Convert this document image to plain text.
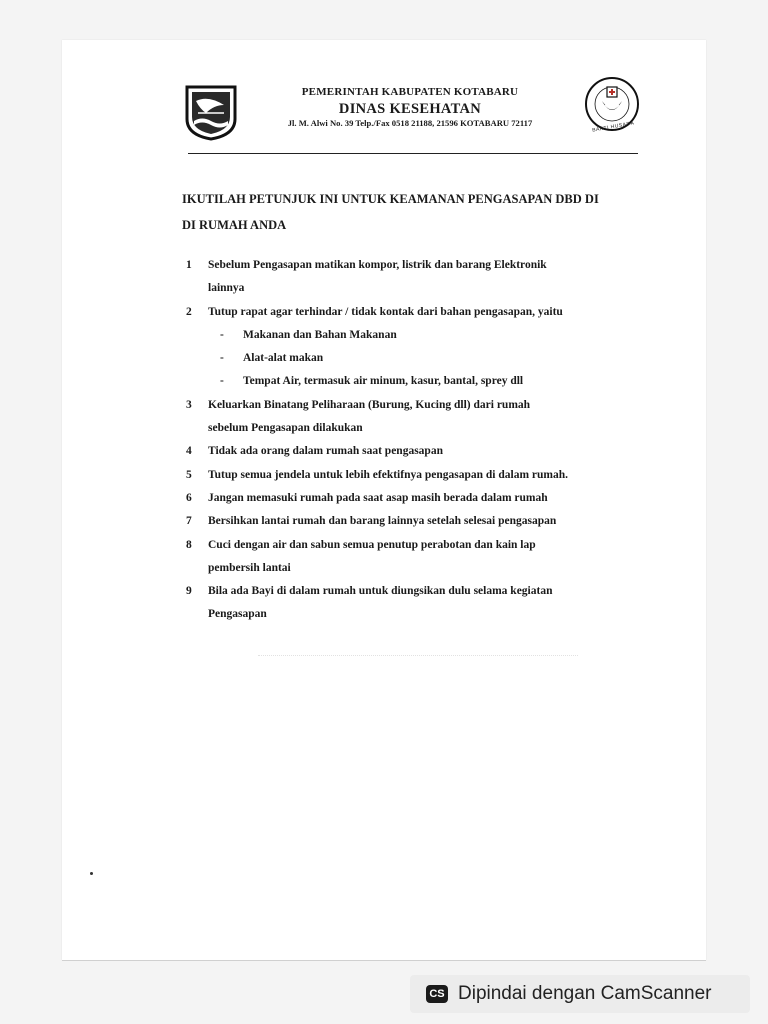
BAKTI HUSADA
PEMERINTAH KABUPATEN KOTABARU
DINAS KESEHATAN
Jl. M. Alwi No. 39 Telp./Fax 0518 21188, 21596 KOTABARU 72117
IKUTILAH PETUNJUK INI UNTUK KEAMANAN PENGASAPAN DBD DI
DI RUMAH ANDA
1	Sebelum Pengasapan matikan kompor, listrik dan barang Elektronik
lainnya
2	Tutup rapat agar terhindar / tidak kontak dari bahan pengasapan, yaitu
-	Makanan dan Bahan Makanan
-	Alat-alat makan
-	Tempat Air, termasuk air minum, kasur, bantal, sprey dll
3	Keluarkan Binatang Peliharaan (Burung, Kucing dll) dari rumah
sebelum Pengasapan dilakukan
4	Tidak ada orang dalam rumah saat pengasapan
5	Tutup semua jendela untuk lebih efektifnya pengasapan di dalam rumah.
6	Jangan memasuki rumah pada saat asap masih berada dalam rumah
7	Bersihkan lantai rumah dan barang lainnya setelah selesai pengasapan
8	Cuci dengan air dan sabun semua penutup perabotan dan kain lap
pembersih lantai
9	Bila ada Bayi di dalam rumah untuk diungsikan dulu selama kegiatan
Pengasapan
CS Dipindai dengan CamScanner
